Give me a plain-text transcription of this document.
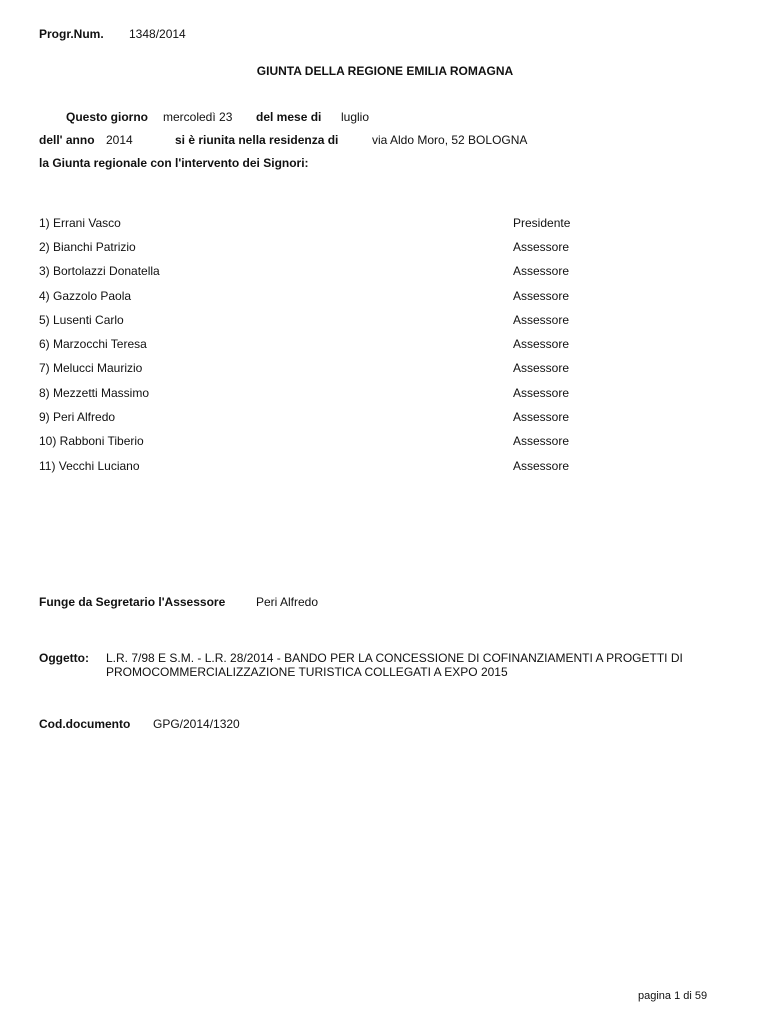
Progr.Num. 1348/2014
GIUNTA DELLA REGIONE EMILIA ROMAGNA
Questo giorno mercoledì 23 del mese di luglio
dell' anno 2014	si è riunita nella residenza di	via Aldo Moro, 52 BOLOGNA
la Giunta regionale con l'intervento dei Signori:
1) Errani Vasco	Presidente
2) Bianchi Patrizio	Assessore
3) Bortolazzi Donatella	Assessore
4) Gazzolo Paola	Assessore
5) Lusenti Carlo	Assessore
6) Marzocchi Teresa	Assessore
7) Melucci Maurizio	Assessore
8) Mezzetti Massimo	Assessore
9) Peri Alfredo	Assessore
10) Rabboni Tiberio	Assessore
11) Vecchi Luciano	Assessore
Funge da Segretario l'Assessore	Peri Alfredo
Oggetto: L.R. 7/98 E S.M. - L.R. 28/2014 - BANDO PER LA CONCESSIONE DI COFINANZIAMENTI A PROGETTI DI
PROMOCOMMERCIALIZZAZIONE TURISTICA COLLEGATI A EXPO 2015
Cod.documento GPG/2014/1320
pagina 1 di 59
